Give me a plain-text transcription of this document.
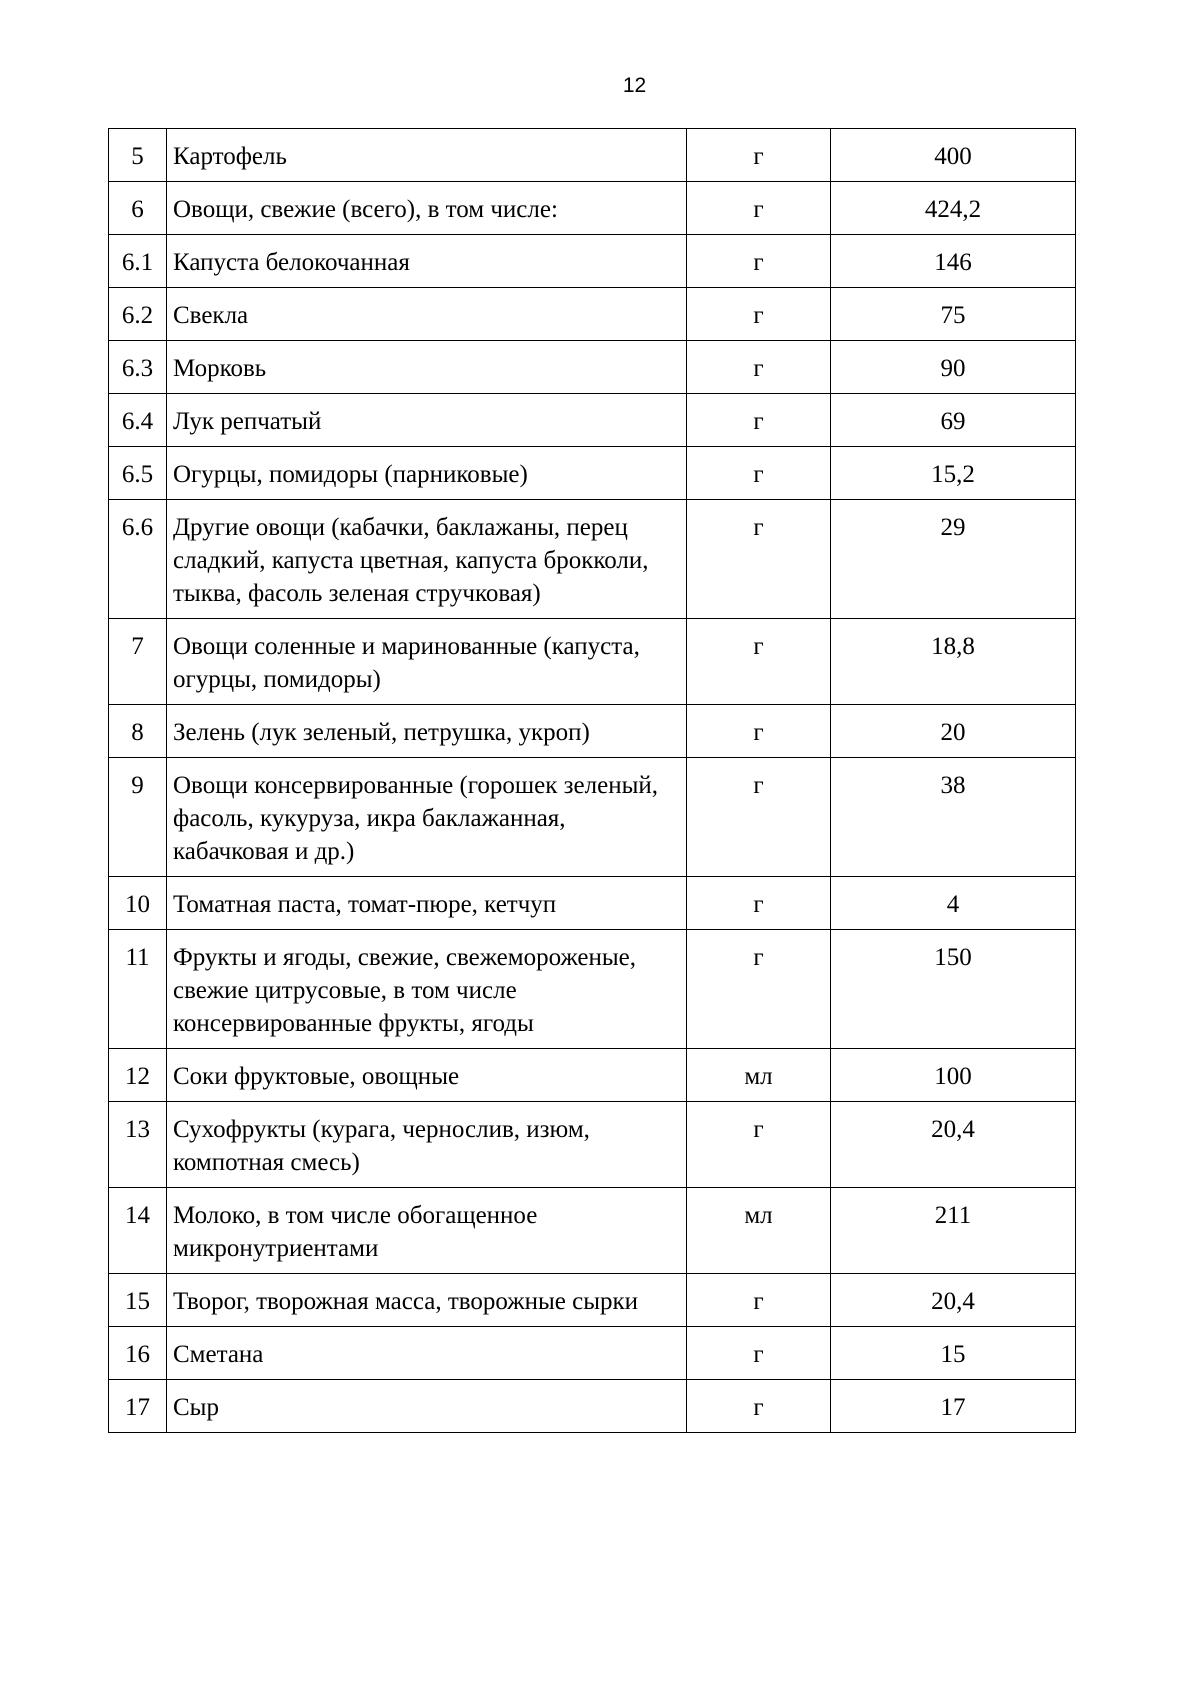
12
5	Картофель	г	400
6	Овощи, свежие (всего), в том числе:	г	424,2
6.1	Капуста белокочанная	г	146
6.2	Свекла	г	75
6.3	Морковь	г	90
6.4	Лук репчатый	г	69
6.5	Огурцы, помидоры (парниковые)	г	15,2
6.6	Другие овощи (кабачки, баклажаны, перец сладкий, капуста цветная, капуста брокколи, тыква, фасоль зеленая стручковая)	г	29
7	Овощи соленные и маринованные (капуста, огурцы, помидоры)	г	18,8
8	Зелень (лук зеленый, петрушка, укроп)	г	20
9	Овощи консервированные (горошек зеленый, фасоль, кукуруза, икра баклажанная, кабачковая и др.)	г	38
10	Томатная паста, томат-пюре, кетчуп	г	4
11	Фрукты и ягоды, свежие, свежемороженые, свежие цитрусовые, в том числе консервированные фрукты, ягоды	г	150
12	Соки фруктовые, овощные	мл	100
13	Сухофрукты (курага, чернослив, изюм, компотная смесь)	г	20,4
14	Молоко, в том числе обогащенное микронутриентами	мл	211
15	Творог, творожная масса, творожные сырки	г	20,4
16	Сметана	г	15
17	Сыр	г	17
